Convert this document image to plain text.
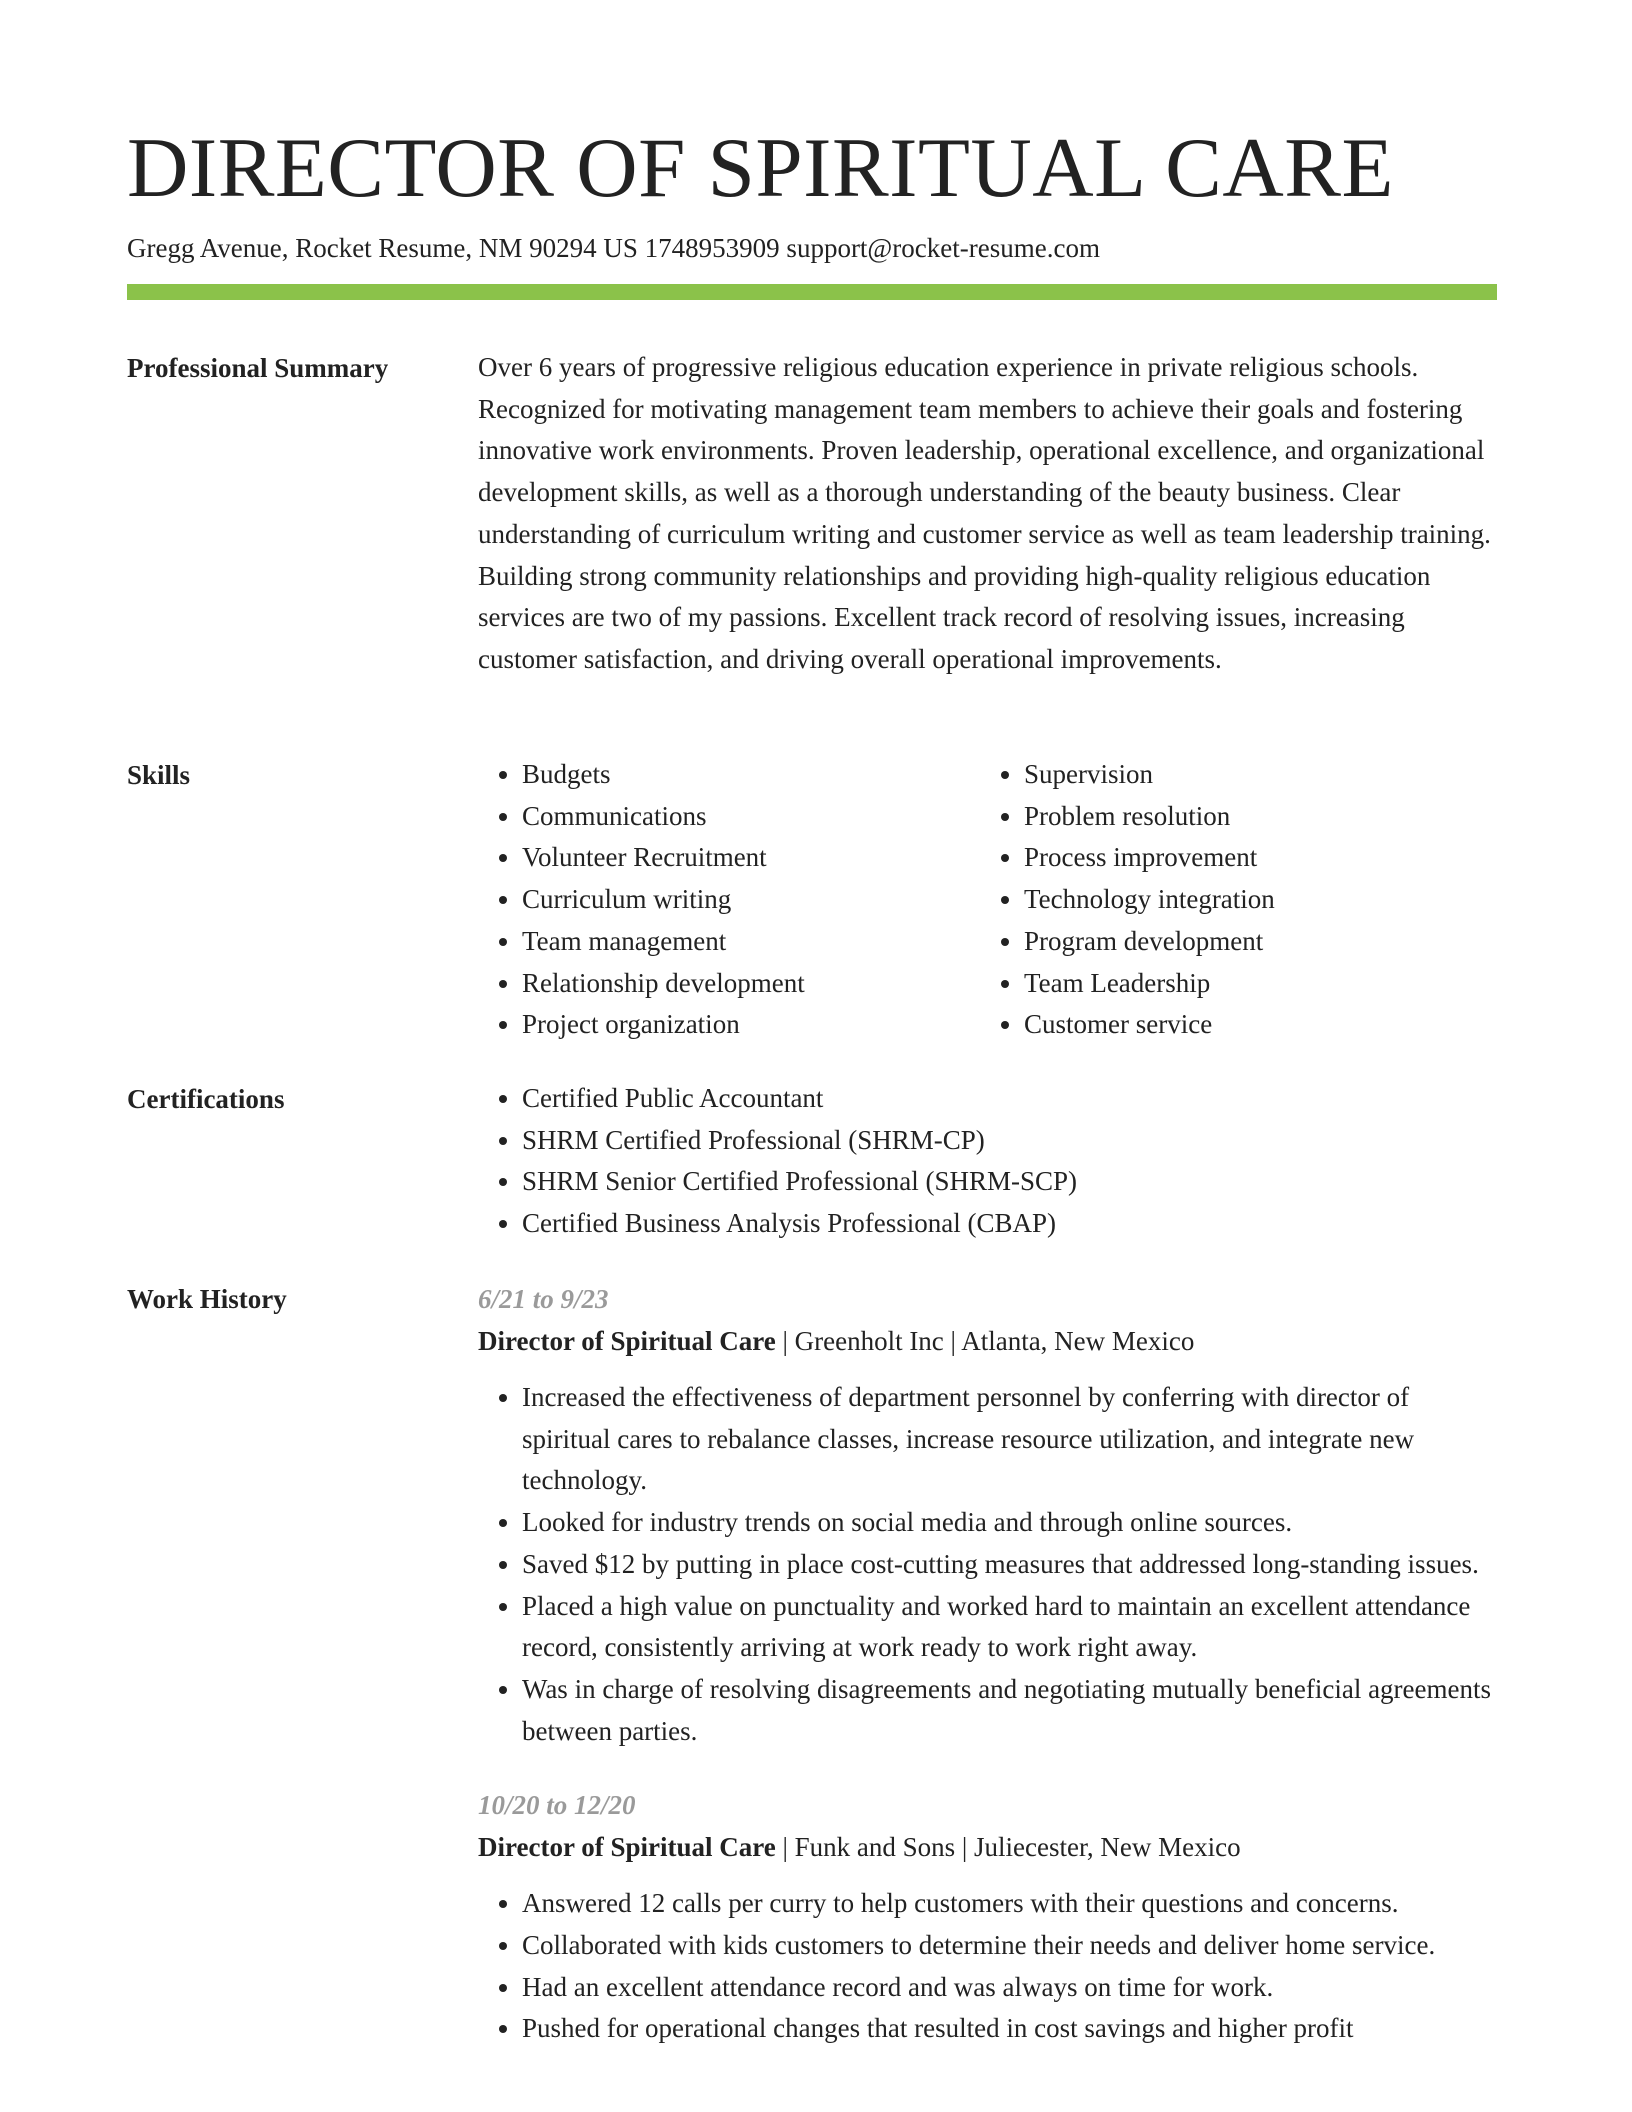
DIRECTOR OF SPIRITUAL CARE
Gregg Avenue, Rocket Resume, NM 90294 US 1748953909 support@rocket-resume.com
Professional Summary	Over 6 years of progressive religious education experience in private religious schools. Recognized for motivating management team members to achieve their goals and fostering innovative work environments. Proven leadership, operational excellence, and organizational development skills, as well as a thorough understanding of the beauty business. Clear understanding of curriculum writing and customer service as well as team leadership training. Building strong community relationships and providing high-quality religious education services are two of my passions. Excellent track record of resolving issues, increasing customer satisfaction, and driving overall operational improvements.

Skills	• Budgets
• Communications
• Volunteer Recruitment
• Curriculum writing
• Team management
• Relationship development
• Project organization
• Supervision
• Problem resolution
• Process improvement
• Technology integration
• Program development
• Team Leadership
• Customer service
Certifications	• Certified Public Accountant
• SHRM Certified Professional (SHRM-CP)
• SHRM Senior Certified Professional (SHRM-SCP)
• Certified Business Analysis Professional (CBAP)
Work History	6/21 to 9/23
Director of Spiritual Care | Greenholt Inc | Atlanta, New Mexico
• Increased the effectiveness of department personnel by conferring with director of spiritual cares to rebalance classes, increase resource utilization, and integrate new technology.
• Looked for industry trends on social media and through online sources.
• Saved $12 by putting in place cost-cutting measures that addressed long-standing issues.
• Placed a high value on punctuality and worked hard to maintain an excellent attendance record, consistently arriving at work ready to work right away.
• Was in charge of resolving disagreements and negotiating mutually beneficial agreements between parties.
10/20 to 12/20
Director of Spiritual Care | Funk and Sons | Juliecester, New Mexico
• Answered 12 calls per curry to help customers with their questions and concerns.
• Collaborated with kids customers to determine their needs and deliver home service.
• Had an excellent attendance record and was always on time for work.
• Pushed for operational changes that resulted in cost savings and higher profit
